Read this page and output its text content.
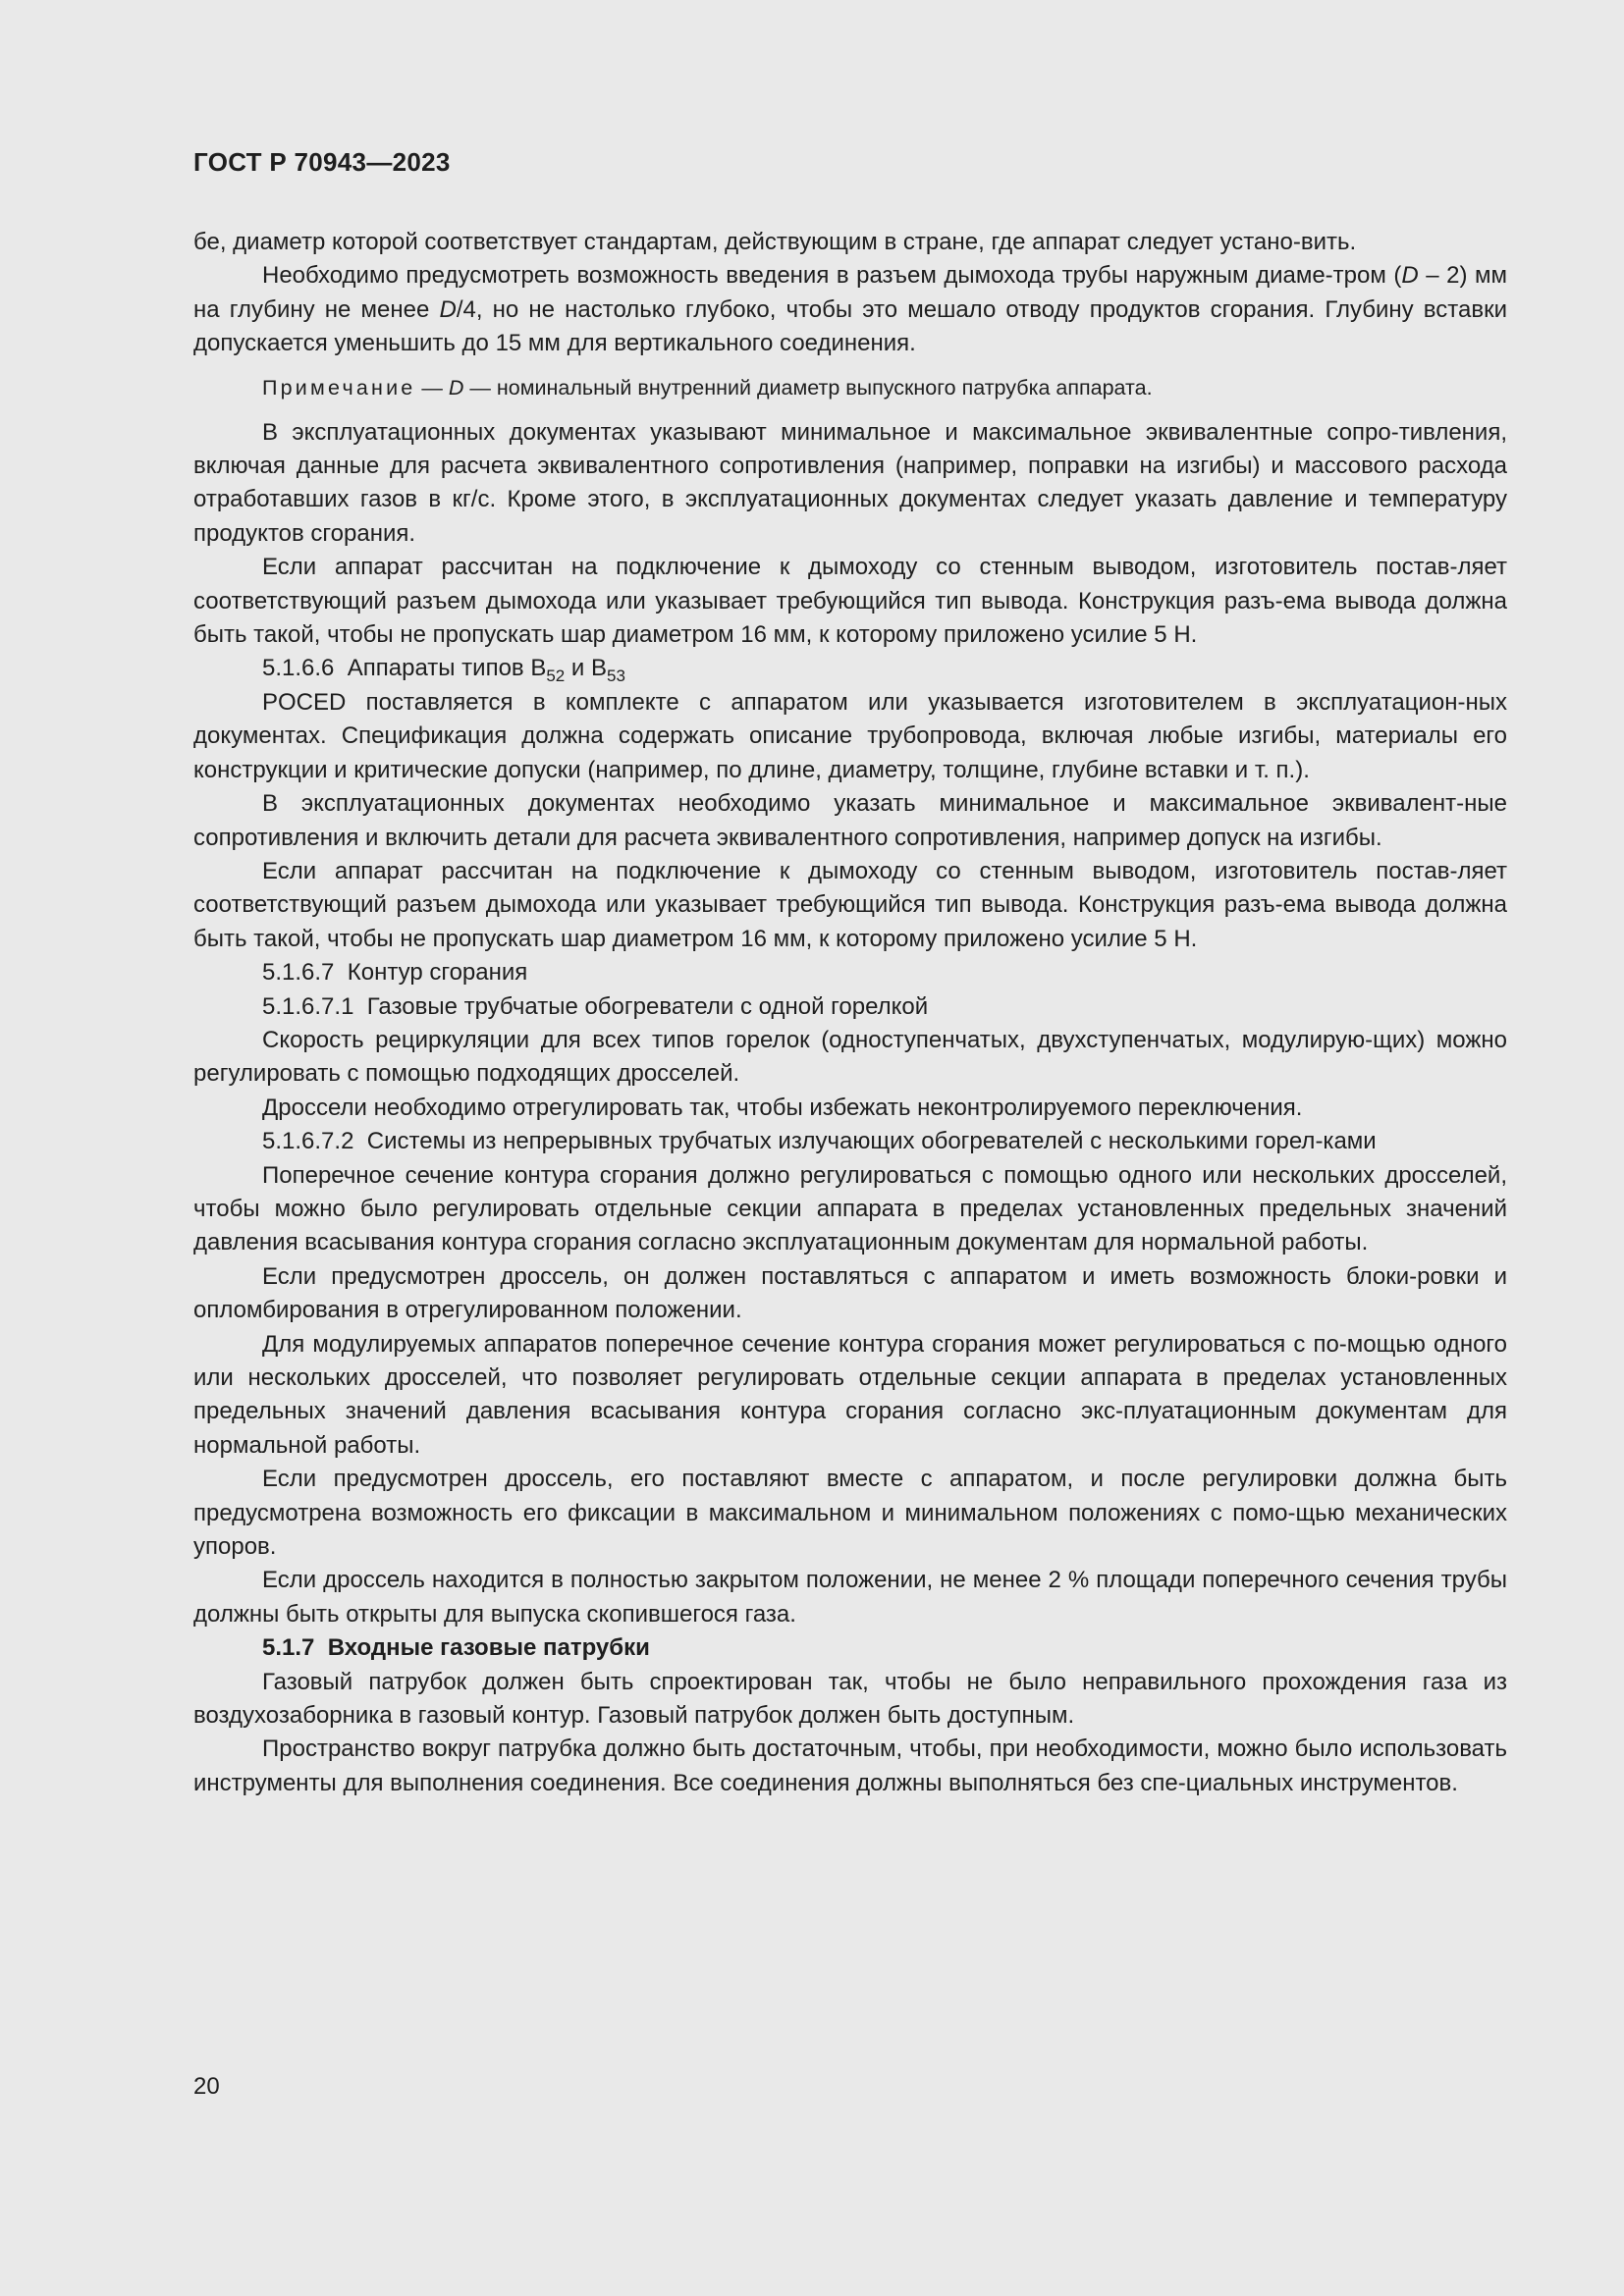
ГОСТ Р 70943—2023

бе, диаметр которой соответствует стандартам, действующим в стране, где аппарат следует устано-вить.

Необходимо предусмотреть возможность введения в разъем дымохода трубы наружным диаме-тром (D – 2) мм на глубину не менее D/4, но не настолько глубоко, чтобы это мешало отводу продуктов сгорания. Глубину вставки допускается уменьшить до 15 мм для вертикального соединения.

Примечание — D — номинальный внутренний диаметр выпускного патрубка аппарата.

В эксплуатационных документах указывают минимальное и максимальное эквивалентные сопро-тивления, включая данные для расчета эквивалентного сопротивления (например, поправки на изгибы) и массового расхода отработавших газов в кг/с. Кроме этого, в эксплуатационных документах следует указать давление и температуру продуктов сгорания.

Если аппарат рассчитан на подключение к дымоходу со стенным выводом, изготовитель постав-ляет соответствующий разъем дымохода или указывает требующийся тип вывода. Конструкция разъ-ема вывода должна быть такой, чтобы не пропускать шар диаметром 16 мм, к которому приложено усилие 5 Н.

5.1.6.6 Аппараты типов $B_{52}$ и $B_{53}$

POCED поставляется в комплекте с аппаратом или указывается изготовителем в эксплуатацион-ных документах. Спецификация должна содержать описание трубопровода, включая любые изгибы, материалы его конструкции и критические допуски (например, по длине, диаметру, толщине, глубине вставки и т. п.).

В эксплуатационных документах необходимо указать минимальное и максимальное эквивалент-ные сопротивления и включить детали для расчета эквивалентного сопротивления, например допуск на изгибы.

Если аппарат рассчитан на подключение к дымоходу со стенным выводом, изготовитель постав-ляет соответствующий разъем дымохода или указывает требующийся тип вывода. Конструкция разъ-ема вывода должна быть такой, чтобы не пропускать шар диаметром 16 мм, к которому приложено усилие 5 Н.

5.1.6.7 Контур сгорания

5.1.6.7.1 Газовые трубчатые обогреватели с одной горелкой

Скорость рециркуляции для всех типов горелок (одноступенчатых, двухступенчатых, модулирую-щих) можно регулировать с помощью подходящих дросселей.

Дроссели необходимо отрегулировать так, чтобы избежать неконтролируемого переключения.

5.1.6.7.2 Системы из непрерывных трубчатых излучающих обогревателей с несколькими горел-ками

Поперечное сечение контура сгорания должно регулироваться с помощью одного или нескольких дросселей, чтобы можно было регулировать отдельные секции аппарата в пределах установленных предельных значений давления всасывания контура сгорания согласно эксплуатационным документам для нормальной работы.

Если предусмотрен дроссель, он должен поставляться с аппаратом и иметь возможность блоки-ровки и опломбирования в отрегулированном положении.

Для модулируемых аппаратов поперечное сечение контура сгорания может регулироваться с по-мощью одного или нескольких дросселей, что позволяет регулировать отдельные секции аппарата в пределах установленных предельных значений давления всасывания контура сгорания согласно экс-плуатационным документам для нормальной работы.

Если предусмотрен дроссель, его поставляют вместе с аппаратом, и после регулировки должна быть предусмотрена возможность его фиксации в максимальном и минимальном положениях с помо-щью механических упоров.

Если дроссель находится в полностью закрытом положении, не менее 2 % площади поперечного сечения трубы должны быть открыты для выпуска скопившегося газа.

5.1.7 Входные газовые патрубки

Газовый патрубок должен быть спроектирован так, чтобы не было неправильного прохождения газа из воздухозаборника в газовый контур. Газовый патрубок должен быть доступным.

Пространство вокруг патрубка должно быть достаточным, чтобы, при необходимости, можно было использовать инструменты для выполнения соединения. Все соединения должны выполняться без спе-циальных инструментов.

20
